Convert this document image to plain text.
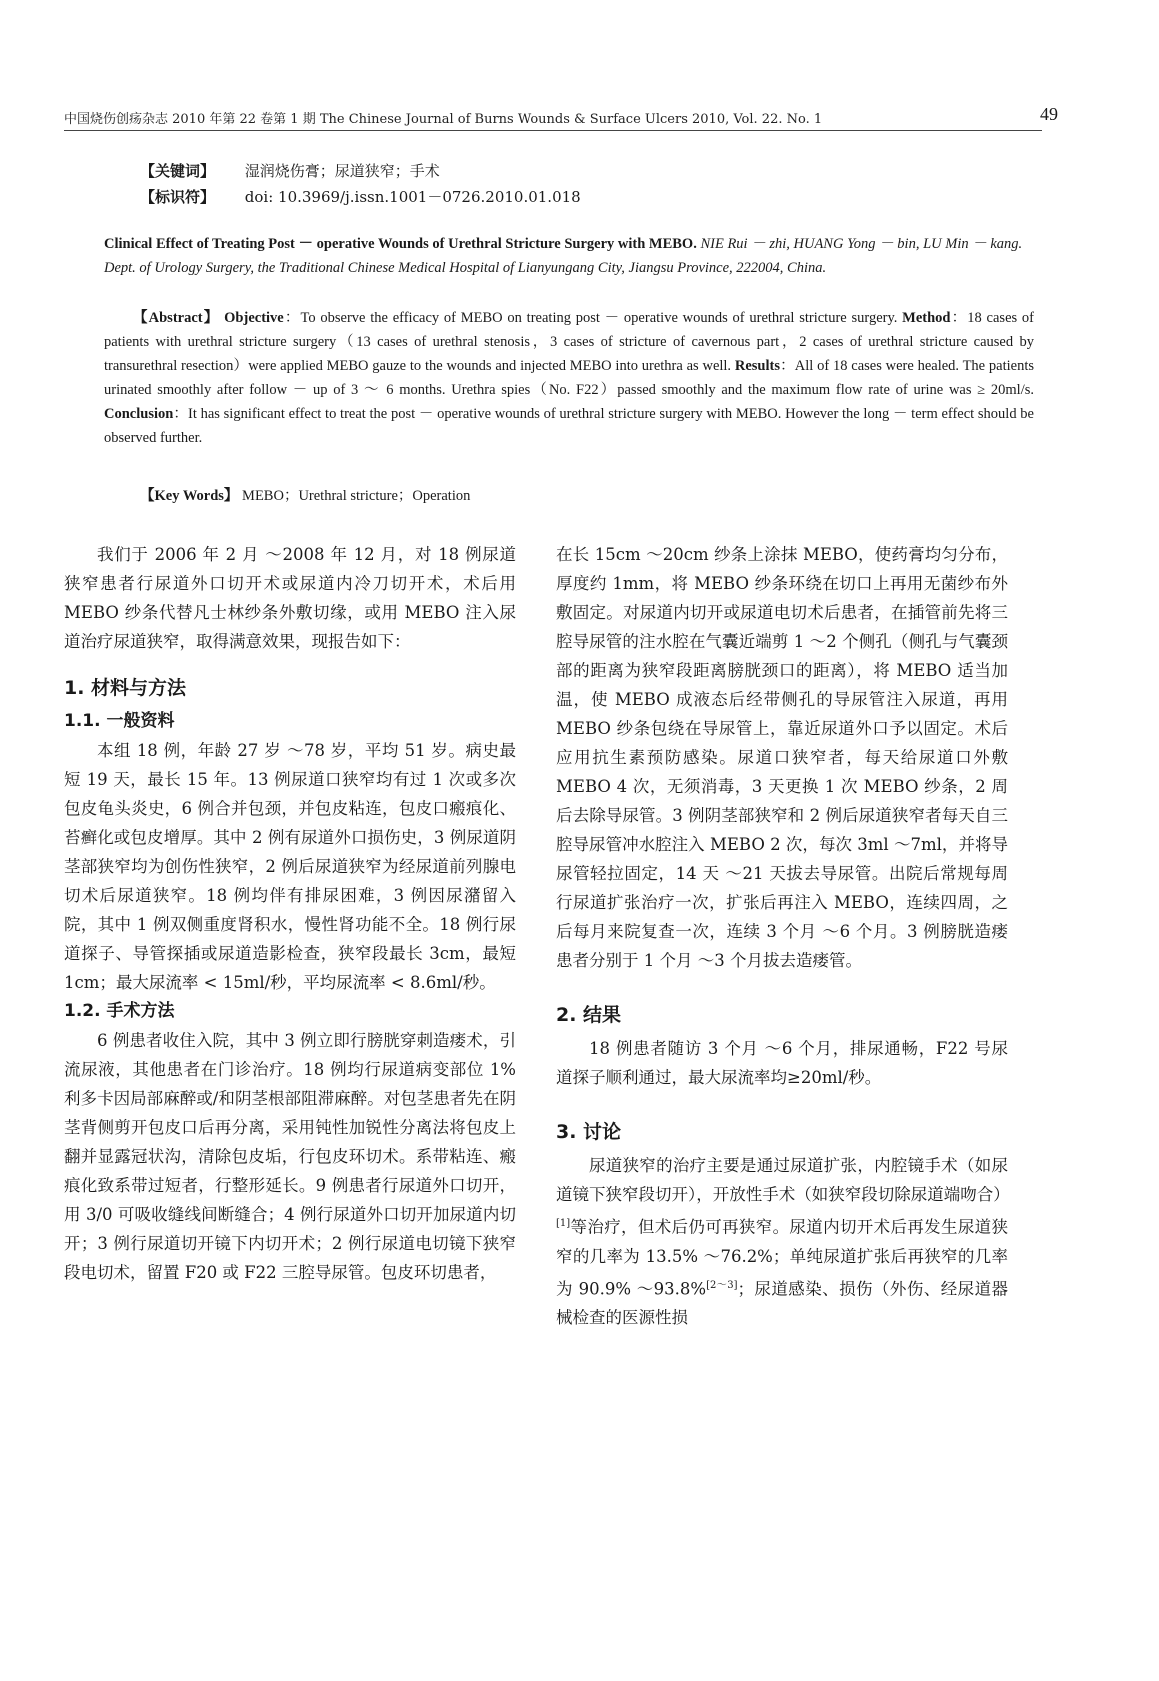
中国烧伤创疡杂志 2010 年第 22 卷第 1 期 The Chinese Journal of Burns Wounds & Surface Ulcers 2010, Vol. 22. No. 1	49
【关键词】 湿润烧伤膏；尿道狭窄；手术
【标识符】 doi: 10.3969/j.issn.1001－0726.2010.01.018
Clinical Effect of Treating Post － operative Wounds of Urethral Stricture Surgery with MEBO. NIE Rui － zhi, HUANG Yong － bin, LU Min － kang. Dept. of Urology Surgery, the Traditional Chinese Medical Hospital of Lianyungang City, Jiangsu Province, 222004, China.
【Abstract】 Objective：To observe the efficacy of MEBO on treating post － operative wounds of urethral stricture surgery. Method：18 cases of patients with urethral stricture surgery（13 cases of urethral stenosis，3 cases of stricture of cavernous part，2 cases of urethral stricture caused by transurethral resection）were applied MEBO gauze to the wounds and injected MEBO into urethra as well. Results：All of 18 cases were healed. The patients urinated smoothly after follow － up of 3 ～ 6 months. Urethra spies（No. F22）passed smoothly and the maximum flow rate of urine was ≥ 20ml/s. Conclusion：It has significant effect to treat the post － operative wounds of urethral stricture surgery with MEBO. However the long － term effect should be observed further.
【Key Words】 MEBO；Urethral stricture；Operation

我们于 2006 年 2 月 ～2008 年 12 月，对 18 例尿道狭窄患者行尿道外口切开术或尿道内冷刀切开术，术后用 MEBO 纱条代替凡士林纱条外敷切缘，或用 MEBO 注入尿道治疗尿道狭窄，取得满意效果，现报告如下：

1. 材料与方法
1.1. 一般资料

本组 18 例，年龄 27 岁 ～78 岁，平均 51 岁。病史最短 19 天，最长 15 年。13 例尿道口狭窄均有过 1 次或多次包皮龟头炎史，6 例合并包颈，并包皮粘连，包皮口瘢痕化、苔癣化或包皮增厚。其中 2 例有尿道外口损伤史，3 例尿道阴茎部狭窄均为创伤性狭窄，2 例后尿道狭窄为经尿道前列腺电切术后尿道狭窄。18 例均伴有排尿困难，3 例因尿潴留入院，其中 1 例双侧重度肾积水，慢性肾功能不全。18 例行尿道探子、导管探插或尿道造影检查，狭窄段最长 3cm，最短 1cm；最大尿流率 < 15ml/秒，平均尿流率 < 8.6ml/秒。

1.2. 手术方法

6 例患者收住入院，其中 3 例立即行膀胱穿刺造瘘术，引流尿液，其他患者在门诊治疗。18 例均行尿道病变部位 1% 利多卡因局部麻醉或/和阴茎根部阻滞麻醉。对包茎患者先在阴茎背侧剪开包皮口后再分离，采用钝性加锐性分离法将包皮上翻并显露冠状沟，清除包皮垢，行包皮环切术。系带粘连、瘢痕化致系带过短者，行整形延长。9 例患者行尿道外口切开，用 3/0 可吸收缝线间断缝合；4 例行尿道外口切开加尿道内切开；3 例行尿道切开镜下内切开术；2 例行尿道电切镜下狭窄段电切术，留置 F20 或 F22 三腔导尿管。包皮环切患者，

在长 15cm ～20cm 纱条上涂抹 MEBO，使药膏均匀分布，厚度约 1mm，将 MEBO 纱条环绕在切口上再用无菌纱布外敷固定。对尿道内切开或尿道电切术后患者，在插管前先将三腔导尿管的注水腔在气囊近端剪 1 ～2 个侧孔（侧孔与气囊颈部的距离为狭窄段距离膀胱颈口的距离），将 MEBO 适当加温，使 MEBO 成液态后经带侧孔的导尿管注入尿道，再用 MEBO 纱条包绕在导尿管上，靠近尿道外口予以固定。术后应用抗生素预防感染。尿道口狭窄者，每天给尿道口外敷 MEBO 4 次，无须消毒，3 天更换 1 次 MEBO 纱条，2 周后去除导尿管。3 例阴茎部狭窄和 2 例后尿道狭窄者每天自三腔导尿管冲水腔注入 MEBO 2 次，每次 3ml ～7ml，并将导尿管轻拉固定，14 天 ～21 天拔去导尿管。出院后常规每周行尿道扩张治疗一次，扩张后再注入 MEBO，连续四周，之后每月来院复查一次，连续 3 个月 ～6 个月。3 例膀胱造瘘患者分别于 1 个月 ～3 个月拔去造瘘管。

2. 结果

18 例患者随访 3 个月 ～6 个月，排尿通畅，F22 号尿道探子顺利通过，最大尿流率均≥20ml/秒。

3. 讨论

尿道狭窄的治疗主要是通过尿道扩张，内腔镜手术（如尿道镜下狭窄段切开），开放性手术（如狭窄段切除尿道端吻合）[1]等治疗，但术后仍可再狭窄。尿道内切开术后再发生尿道狭窄的几率为 13.5% ～76.2%；单纯尿道扩张后再狭窄的几率为 90.9% ～93.8%[2～3]；尿道感染、损伤（外伤、经尿道器械检查的医源性损
